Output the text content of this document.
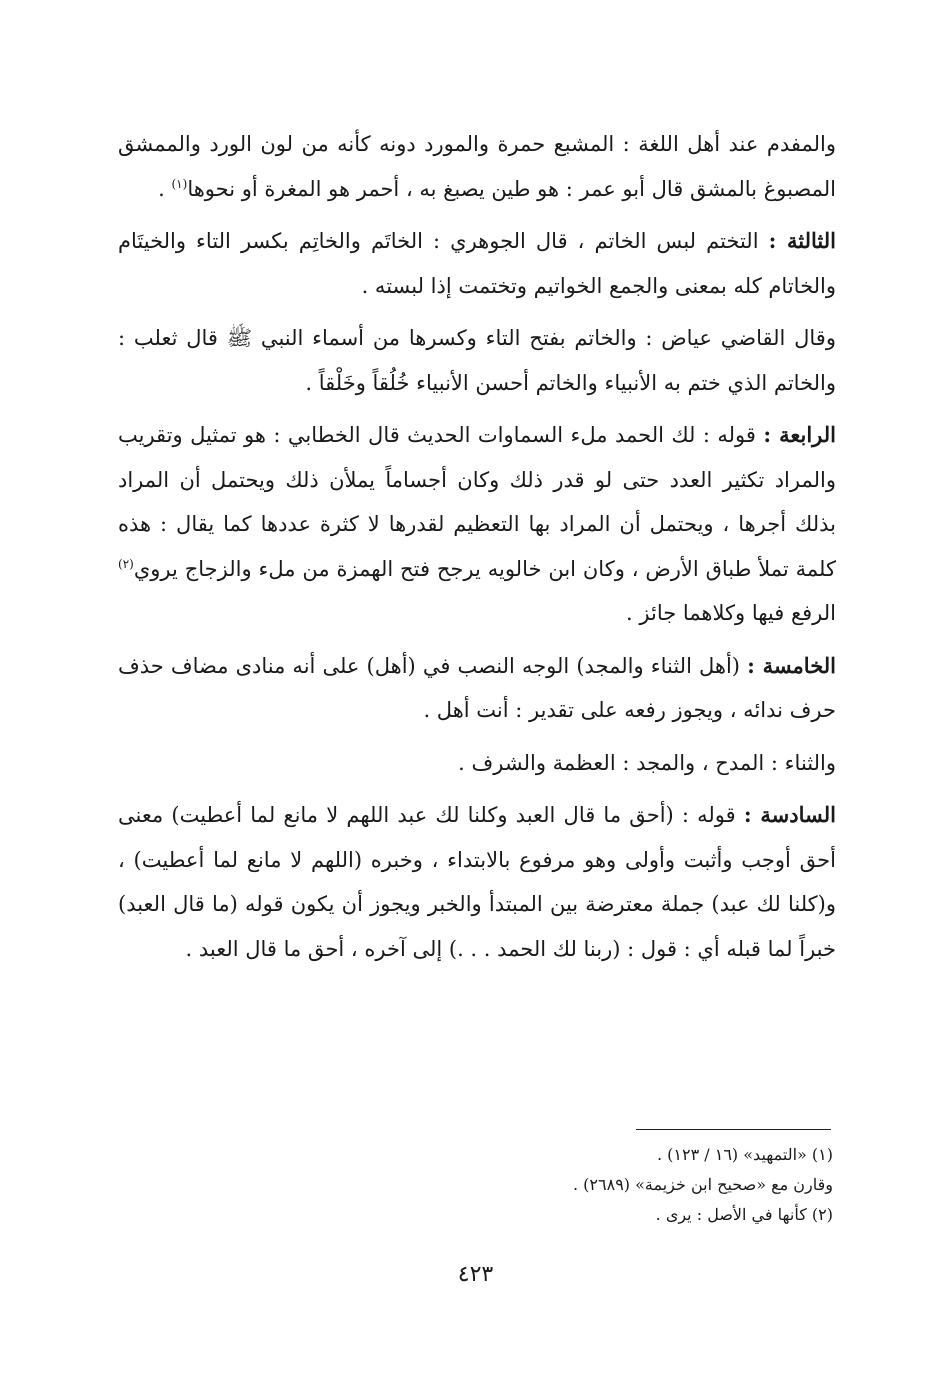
والمفدم عند أهل اللغة : المشبع حمرة والمورد دونه كأنه من لون الورد والممشق المصبوغ بالمشق قال أبو عمر : هو طين يصبغ به ، أحمر هو المغرة أو نحوها$^{(١)}$ .

الثالثة : التختم لبس الخاتم ، قال الجوهري : الخاتَم والخاتِم بكسر التاء والخيتَام والخاتام كله بمعنى والجمع الخواتيم وتختمت إذا لبسته .

وقال القاضي عياض : والخاتم بفتح التاء وكسرها من أسماء النبي ﷺ قال ثعلب : والخاتم الذي ختم به الأنبياء والخاتم أحسن الأنبياء خُلُقاً وخَلْقاً .

الرابعة : قوله : لك الحمد ملء السماوات الحديث قال الخطابي : هو تمثيل وتقريب والمراد تكثير العدد حتى لو قدر ذلك وكان أجساماً يملأن ذلك ويحتمل أن المراد بذلك أجرها ، ويحتمل أن المراد بها التعظيم لقدرها لا كثرة عددها كما يقال : هذه كلمة تملأ طباق الأرض ، وكان ابن خالويه يرجح فتح الهمزة من ملء والزجاج يروي$^{(٢)}$ الرفع فيها وكلاهما جائز .

الخامسة : (أهل الثناء والمجد) الوجه النصب في (أهل) على أنه منادى مضاف حذف حرف ندائه ، ويجوز رفعه على تقدير : أنت أهل .

والثناء : المدح ، والمجد : العظمة والشرف .

السادسة : قوله : (أحق ما قال العبد وكلنا لك عبد اللهم لا مانع لما أعطيت) معنى أحق أوجب وأثبت وأولى وهو مرفوع بالابتداء ، وخبره (اللهم لا مانع لما أعطيت) ، و(كلنا لك عبد) جملة معترضة بين المبتدأ والخبر ويجوز أن يكون قوله (ما قال العبد) خبراً لما قبله أي : قول : (ربنا لك الحمد . . .) إلى آخره ، أحق ما قال العبد .

(١) «التمهيد» (١٦ / ١٢٣) .

وقارن مع «صحيح ابن خزيمة» (٢٦٨٩) .

(٢) كأنها في الأصل : يرى .

٤٢٣
